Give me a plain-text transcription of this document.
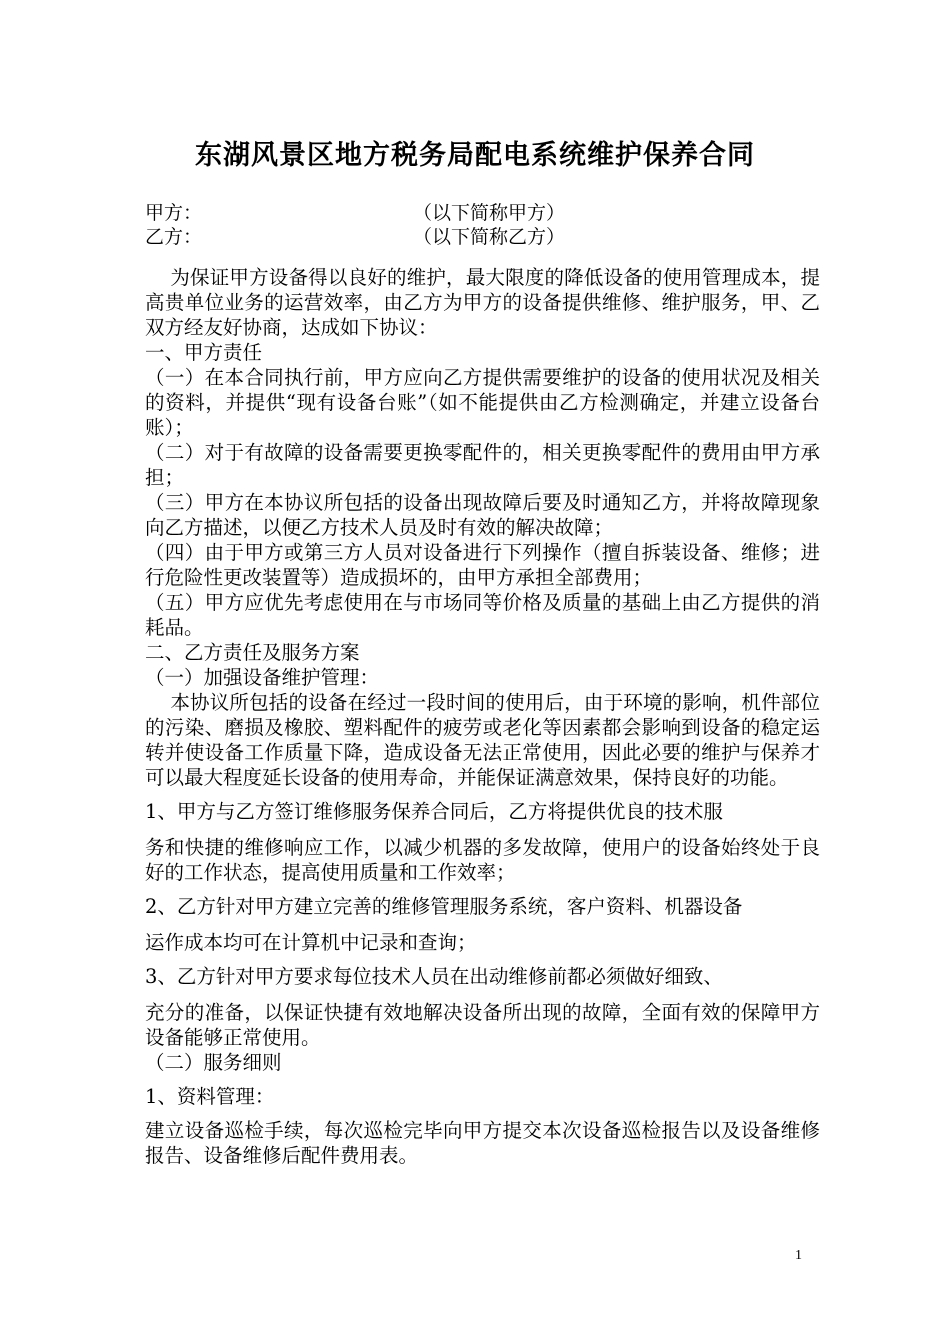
东湖风景区地方税务局配电系统维护保养合同
甲方：	（以下简称甲方）
乙方：	（以下简称乙方）

为保证甲方设备得以良好的维护，最大限度的降低设备的使用管理成本，提高贵单位业务的运营效率，由乙方为甲方的设备提供维修、维护服务，甲、乙双方经友好协商，达成如下协议：

一、甲方责任

（一）在本合同执行前，甲方应向乙方提供需要维护的设备的使用状况及相关的资料，并提供“现有设备台账”（如不能提供由乙方检测确定，并建立设备台账）；

（二）对于有故障的设备需要更换零配件的，相关更换零配件的费用由甲方承担；

（三）甲方在本协议所包括的设备出现故障后要及时通知乙方，并将故障现象向乙方描述，以便乙方技术人员及时有效的解决故障；

（四）由于甲方或第三方人员对设备进行下列操作（擅自拆装设备、维修；进行危险性更改装置等）造成损坏的，由甲方承担全部费用；

（五）甲方应优先考虑使用在与市场同等价格及质量的基础上由乙方提供的消耗品。

二、乙方责任及服务方案

（一）加强设备维护管理：

本协议所包括的设备在经过一段时间的使用后，由于环境的影响，机件部位的污染、磨损及橡胶、塑料配件的疲劳或老化等因素都会影响到设备的稳定运转并使设备工作质量下降，造成设备无法正常使用，因此必要的维护与保养才可以最大程度延长设备的使用寿命，并能保证满意效果，保持良好的功能。

1、甲方与乙方签订维修服务保养合同后，乙方将提供优良的技术服

务和快捷的维修响应工作，以减少机器的多发故障，使用户的设备始终处于良好的工作状态，提高使用质量和工作效率；

2、乙方针对甲方建立完善的维修管理服务系统，客户资料、机器设备

运作成本均可在计算机中记录和查询；

3、乙方针对甲方要求每位技术人员在出动维修前都必须做好细致、

充分的准备，以保证快捷有效地解决设备所出现的故障，全面有效的保障甲方设备能够正常使用。

（二）服务细则

1、资料管理：

建立设备巡检手续，每次巡检完毕向甲方提交本次设备巡检报告以及设备维修报告、设备维修后配件费用表。

1
